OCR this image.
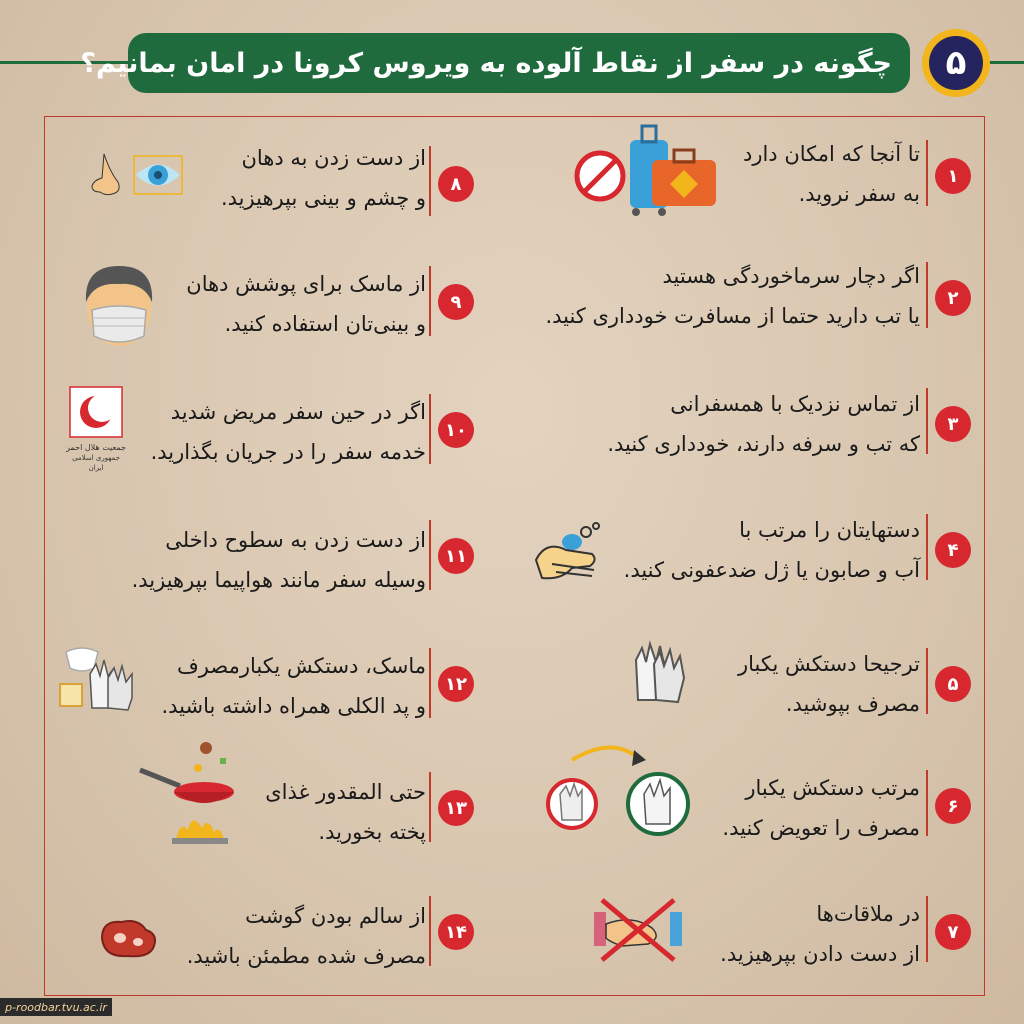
چگونه در سفر از نقاط آلوده به ویروس کرونا در امان بمانیم؟	۵
۱
تا آنجا که امکان دارد
به سفر نروید.
۲
اگر دچار سرماخوردگی هستید
یا تب دارید حتما از مسافرت خودداری کنید.
۳
از تماس نزدیک با همسفرانی
که تب و سرفه دارند، خودداری کنید.
۴
دستهایتان را مرتب با
آب و صابون یا ژل ضدعفونی کنید.
۵
ترجیحا دستکش یکبار
مصرف بپوشید.
۶
مرتب دستکش یکبار
مصرف را تعویض کنید.
۷
در ملاقات‌ها
از دست دادن بپرهیزید.
۸
از دست زدن به دهان
و چشم و بینی بپرهیزید.
۹
از ماسک برای پوشش دهان
و بینی‌تان استفاده کنید.
۱۰
اگر در حین سفر مریض شدید
خدمه سفر را در جریان بگذارید.
جمعیت هلال احمر
جمهوری اسلامی ایران
۱۱
از دست زدن به سطوح داخلی
وسیله سفر مانند هواپیما بپرهیزید.
۱۲
ماسک، دستکش یکبارمصرف
و پد الکلی همراه داشته باشید.
۱۳
حتی المقدور غذای
پخته بخورید.
۱۴
از سالم بودن گوشت
مصرف شده مطمئن باشید.
p-roodbar.tvu.ac.ir
